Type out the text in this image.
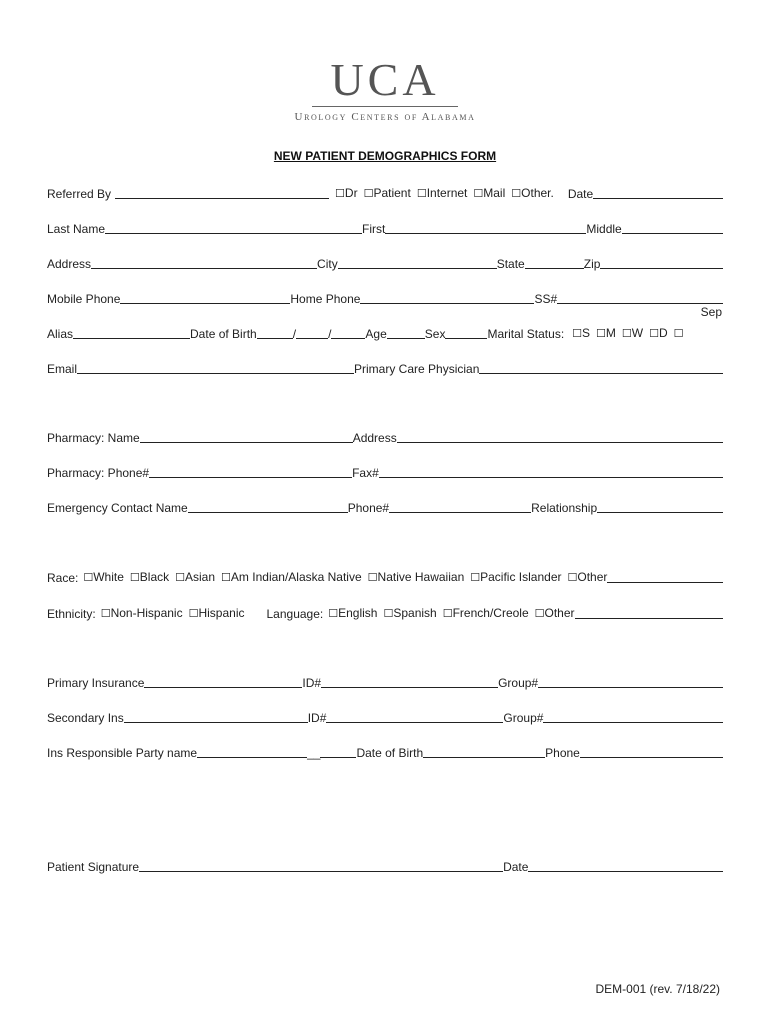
UCA
Urology Centers of Alabama
NEW PATIENT DEMOGRAPHICS FORM
Referred By	☐Dr ☐Patient ☐Internet ☐Mail ☐Other. Date
Last Name	First	Middle
Address	City	State	Zip
Mobile Phone	Home Phone	SS#
Sep
Alias	Date of Birth	/	/	Age	Sex	Marital Status: ☐S ☐M ☐W ☐D ☐
Email	Primary Care Physician
Pharmacy: Name	Address
Pharmacy: Phone#	Fax#
Emergency Contact Name	Phone#	Relationship
Race: ☐White ☐Black ☐Asian ☐Am Indian/Alaska Native ☐Native Hawaiian ☐Pacific Islander ☐Other
Ethnicity: ☐Non-Hispanic ☐Hispanic Language: ☐English ☐Spanish ☐French/Creole ☐Other
Primary Insurance	ID#	Group#
Secondary Ins	ID#	Group#
Ins Responsible Party name	__	Date of Birth	Phone
Patient Signature	Date
DEM-001 (rev. 7/18/22)
